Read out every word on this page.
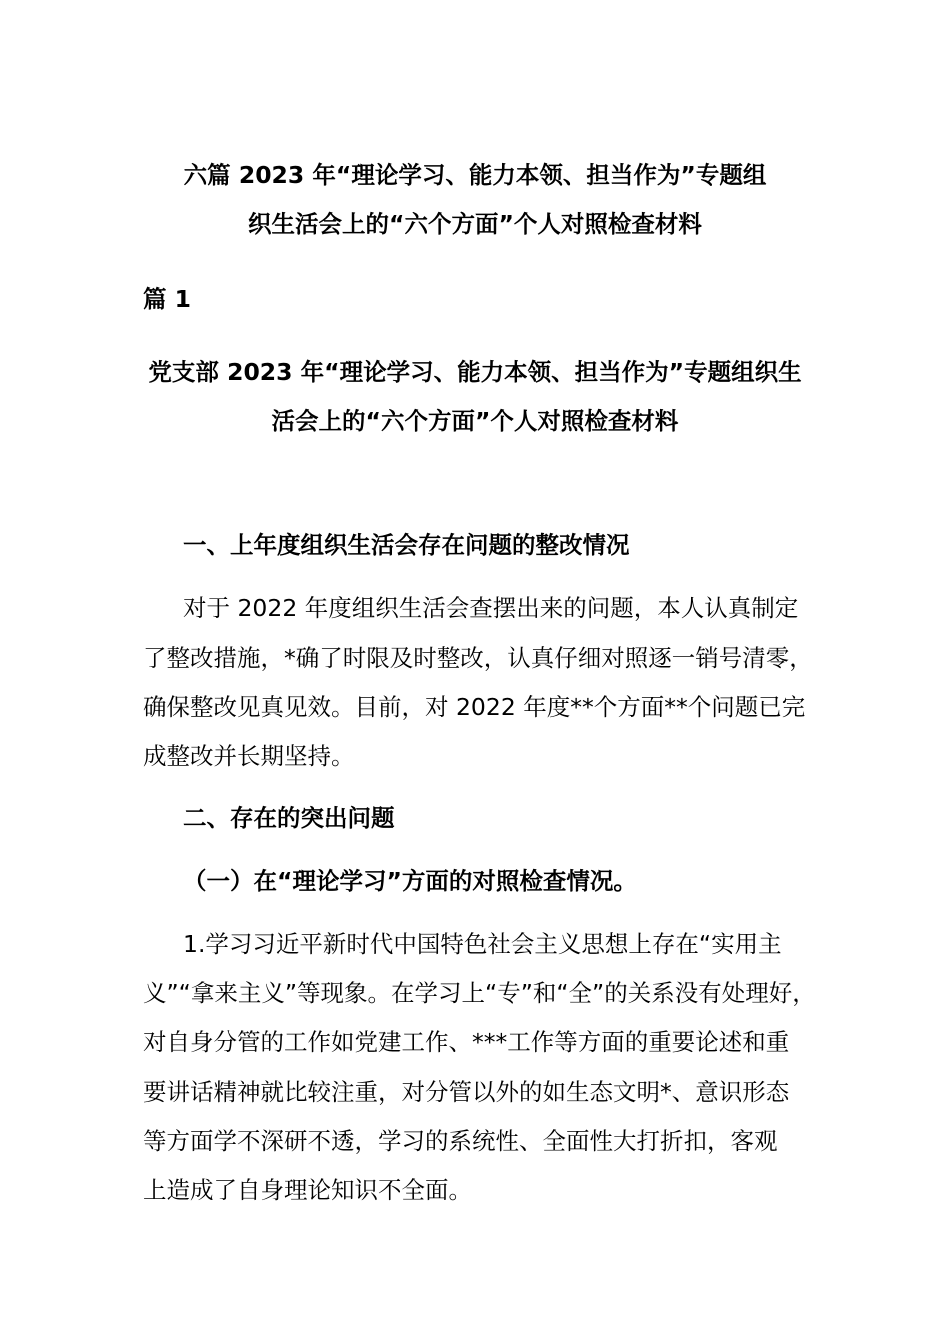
六篇 2023 年“理论学习、能力本领、担当作为”专题组
织生活会上的“六个方面”个人对照检查材料
篇 1
党支部 2023 年“理论学习、能力本领、担当作为”专题组织生
活会上的“六个方面”个人对照检查材料
一、上年度组织生活会存在问题的整改情况
对于 2022 年度组织生活会查摆出来的问题，本人认真制定
了整改措施，*确了时限及时整改，认真仔细对照逐一销号清零，
确保整改见真见效。目前，对 2022 年度**个方面**个问题已完
成整改并长期坚持。
二、存在的突出问题
（一）在“理论学习”方面的对照检查情况。
1.学习习近平新时代中国特色社会主义思想上存在“实用主
义”“拿来主义”等现象。在学习上“专”和“全”的关系没有处理好，
对自身分管的工作如党建工作、***工作等方面的重要论述和重
要讲话精神就比较注重，对分管以外的如生态文明*、意识形态
等方面学不深研不透，学习的系统性、全面性大打折扣，客观
上造成了自身理论知识不全面。
